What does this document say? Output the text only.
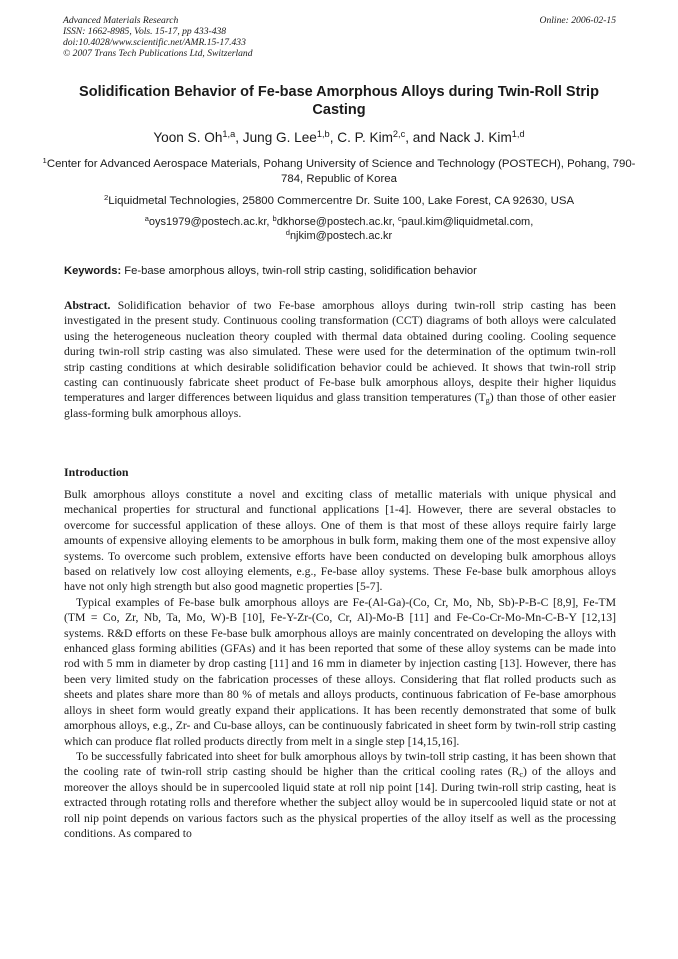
Advanced Materials Research
ISSN: 1662-8985, Vols. 15-17, pp 433-438
doi:10.4028/www.scientific.net/AMR.15-17.433
© 2007 Trans Tech Publications Ltd, Switzerland
Online: 2006-02-15
Solidification Behavior of Fe-base Amorphous Alloys during Twin-Roll Strip Casting
Yoon S. Oh$^{1,a}$, Jung G. Lee$^{1,b}$, C. P. Kim$^{2,c}$, and Nack J. Kim$^{1,d}$
$^1$Center for Advanced Aerospace Materials, Pohang University of Science and Technology (POSTECH), Pohang, 790-784, Republic of Korea
$^2$Liquidmetal Technologies, 25800 Commercentre Dr. Suite 100, Lake Forest, CA 92630, USA
$^a$oys1979@postech.ac.kr, $^b$dkhorse@postech.ac.kr, $^c$paul.kim@liquidmetal.com,
$^d$njkim@postech.ac.kr
Keywords: Fe-base amorphous alloys, twin-roll strip casting, solidification behavior
Abstract. Solidification behavior of two Fe-base amorphous alloys during twin-roll strip casting has been investigated in the present study. Continuous cooling transformation (CCT) diagrams of both alloys were calculated using the heterogeneous nucleation theory coupled with thermal data obtained during cooling. Cooling sequence during twin-roll strip casting was also simulated. These were used for the determination of the optimum twin-roll strip casting conditions at which desirable solidification behavior could be achieved. It shows that twin-roll strip casting can continuously fabricate sheet product of Fe-base bulk amorphous alloys, despite their higher liquidus temperatures and larger differences between liquidus and glass transition temperatures $(T_g)$ than those of other easier glass-forming bulk amorphous alloys.
Introduction

Bulk amorphous alloys constitute a novel and exciting class of metallic materials with unique physical and mechanical properties for structural and functional applications [1-4]. However, there are several obstacles to overcome for successful application of these alloys. One of them is that most of these alloys require fairly large amounts of expensive alloying elements to be amorphous in bulk form, making them one of the most expensive alloy systems. To overcome such problem, extensive efforts have been conducted on developing bulk amorphous alloys based on relatively low cost alloying elements, e.g., Fe-base alloy systems. These Fe-base bulk amorphous alloys have not only high strength but also good magnetic properties [5-7].

Typical examples of Fe-base bulk amorphous alloys are Fe-(Al-Ga)-(Co, Cr, Mo, Nb, Sb)-P-B-C [8,9], Fe-TM (TM = Co, Zr, Nb, Ta, Mo, W)-B [10], Fe-Y-Zr-(Co, Cr, Al)-Mo-B [11] and Fe-Co-Cr-Mo-Mn-C-B-Y [12,13] systems. R&D efforts on these Fe-base bulk amorphous alloys are mainly concentrated on developing the alloys with enhanced glass forming abilities (GFAs) and it has been reported that some of these alloy systems can be made into rod with 5 mm in diameter by drop casting [11] and 16 mm in diameter by injection casting [13]. However, there has been very limited study on the fabrication processes of these alloys. Considering that flat rolled products such as sheets and plates share more than 80 % of metals and alloys products, continuous fabrication of Fe-base amorphous alloys in sheet form would greatly expand their applications. It has been recently demonstrated that some of bulk amorphous alloys, e.g., Zr- and Cu-base alloys, can be continuously fabricated in sheet form by twin-roll strip casting which can produce flat rolled products directly from melt in a single step [14,15,16].

To be successfully fabricated into sheet for bulk amorphous alloys by twin-toll strip casting, it has been shown that the cooling rate of twin-roll strip casting should be higher than the critical cooling rates $(R_c)$ of the alloys and moreover the alloys should be in supercooled liquid state at roll nip point [14]. During twin-roll strip casting, heat is extracted through rotating rolls and therefore whether the subject alloy would be in supercooled liquid state or not at roll nip point depends on various factors such as the physical properties of the alloy itself as well as the processing conditions. As compared to
